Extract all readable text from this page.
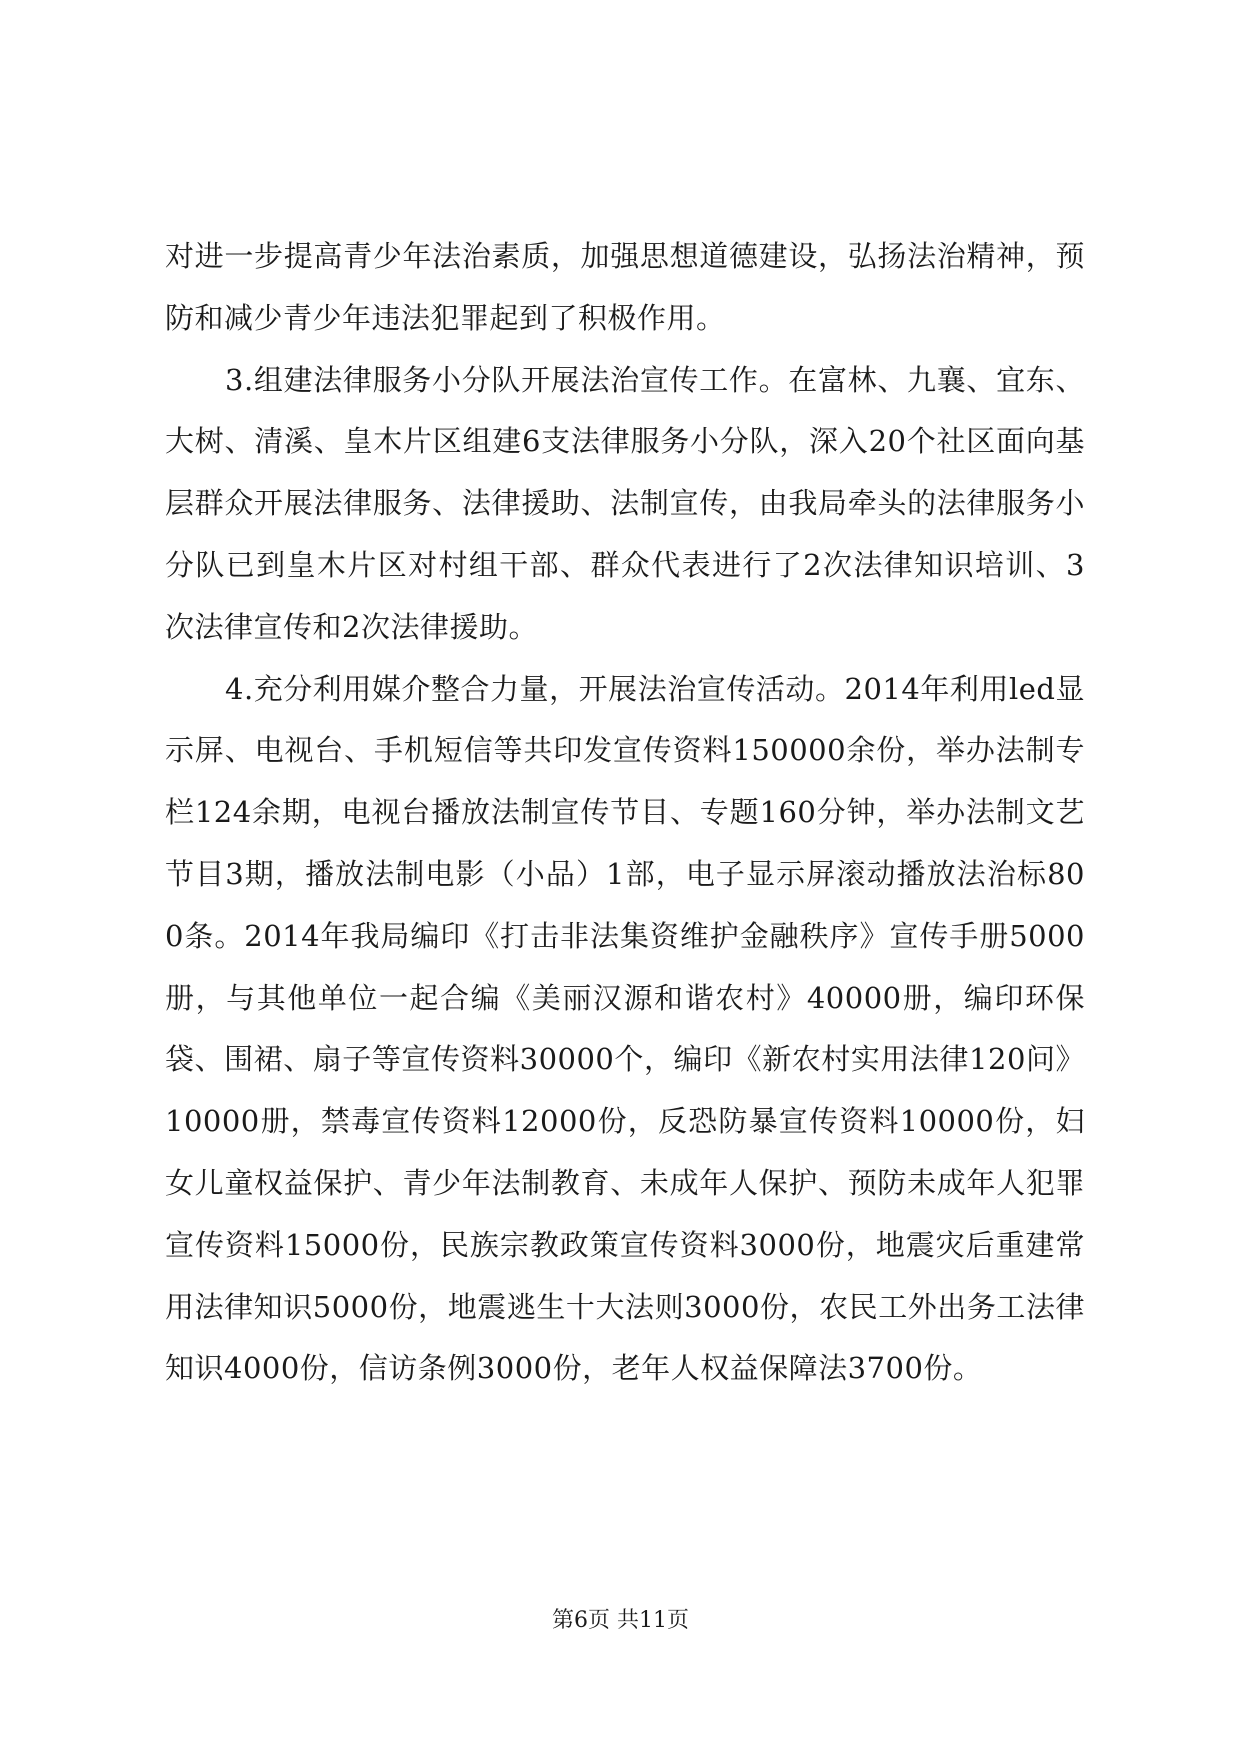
对进一步提高青少年法治素质，加强思想道德建设，弘扬法治精神，预防和减少青少年违法犯罪起到了积极作用。

3.组建法律服务小分队开展法治宣传工作。在富林、九襄、宜东、大树、清溪、皇木片区组建6支法律服务小分队，深入20个社区面向基层群众开展法律服务、法律援助、法制宣传，由我局牵头的法律服务小分队已到皇木片区对村组干部、群众代表进行了2次法律知识培训、3次法律宣传和2次法律援助。

4.充分利用媒介整合力量，开展法治宣传活动。2014年利用led显示屏、电视台、手机短信等共印发宣传资料150000余份，举办法制专栏124余期，电视台播放法制宣传节目、专题160分钟，举办法制文艺节目3期，播放法制电影（小品）1部，电子显示屏滚动播放法治标800条。2014年我局编印《打击非法集资维护金融秩序》宣传手册5000册，与其他单位一起合编《美丽汉源和谐农村》40000册，编印环保袋、围裙、扇子等宣传资料30000个，编印《新农村实用法律120问》10000册，禁毒宣传资料12000份，反恐防暴宣传资料10000份，妇女儿童权益保护、青少年法制教育、未成年人保护、预防未成年人犯罪宣传资料15000份，民族宗教政策宣传资料3000份，地震灾后重建常用法律知识5000份，地震逃生十大法则3000份，农民工外出务工法律知识4000份，信访条例3000份，老年人权益保障法3700份。

第6页 共11页
